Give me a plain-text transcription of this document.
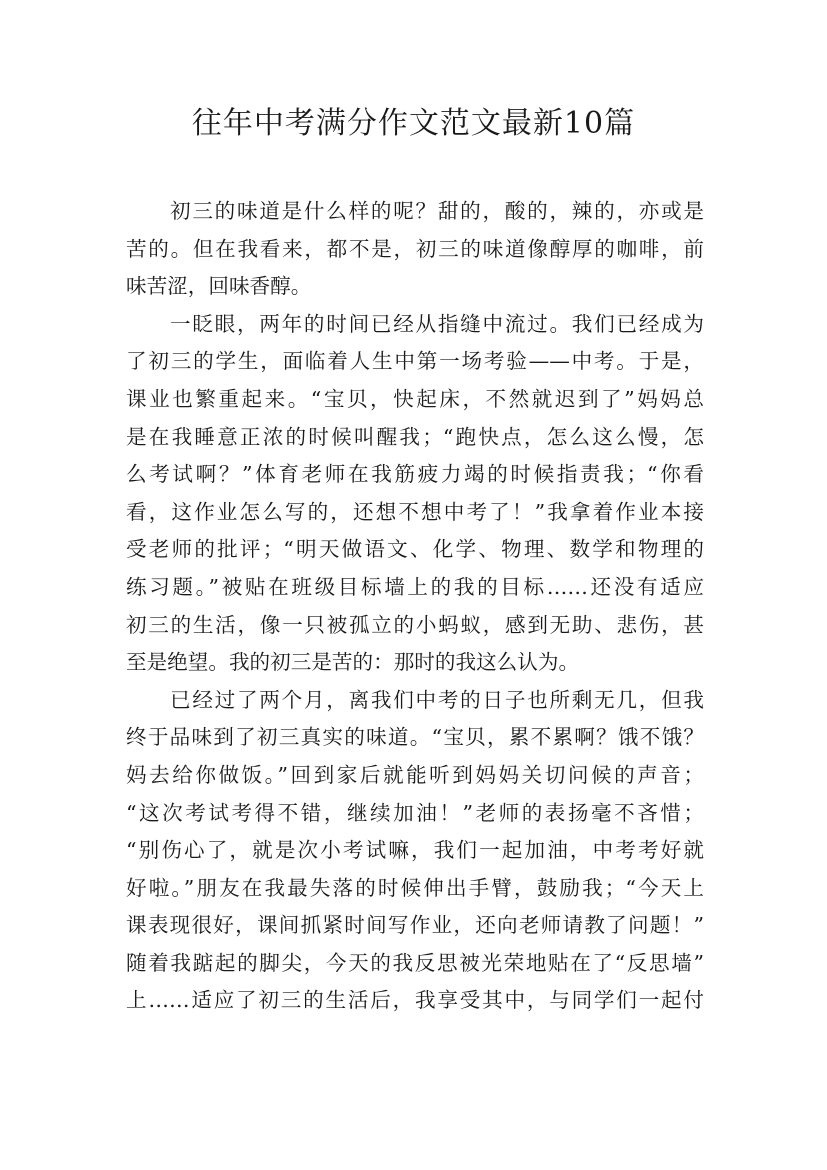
往年中考满分作文范文最新10篇
初三的味道是什么样的呢？甜的，酸的，辣的，亦或是
苦的。但在我看来，都不是，初三的味道像醇厚的咖啡，前
味苦涩，回味香醇。
一眨眼，两年的时间已经从指缝中流过。我们已经成为
了初三的学生，面临着人生中第一场考验——中考。于是，
课业也繁重起来。“宝贝，快起床，不然就迟到了”妈妈总
是在我睡意正浓的时候叫醒我；“跑快点，怎么这么慢，怎
么考试啊？”体育老师在我筋疲力竭的时候指责我；“你看
看，这作业怎么写的，还想不想中考了！”我拿着作业本接
受老师的批评；“明天做语文、化学、物理、数学和物理的
练习题。”被贴在班级目标墙上的我的目标……还没有适应
初三的生活，像一只被孤立的小蚂蚁，感到无助、悲伤，甚
至是绝望。我的初三是苦的：那时的我这么认为。
已经过了两个月，离我们中考的日子也所剩无几，但我
终于品味到了初三真实的味道。“宝贝，累不累啊？饿不饿？
妈去给你做饭。”回到家后就能听到妈妈关切问候的声音；
“这次考试考得不错，继续加油！”老师的表扬毫不吝惜；
“别伤心了，就是次小考试嘛，我们一起加油，中考考好就
好啦。”朋友在我最失落的时候伸出手臂，鼓励我；“今天上
课表现很好，课间抓紧时间写作业，还向老师请教了问题！”
随着我踮起的脚尖，今天的我反思被光荣地贴在了“反思墙”
上……适应了初三的生活后，我享受其中，与同学们一起付
